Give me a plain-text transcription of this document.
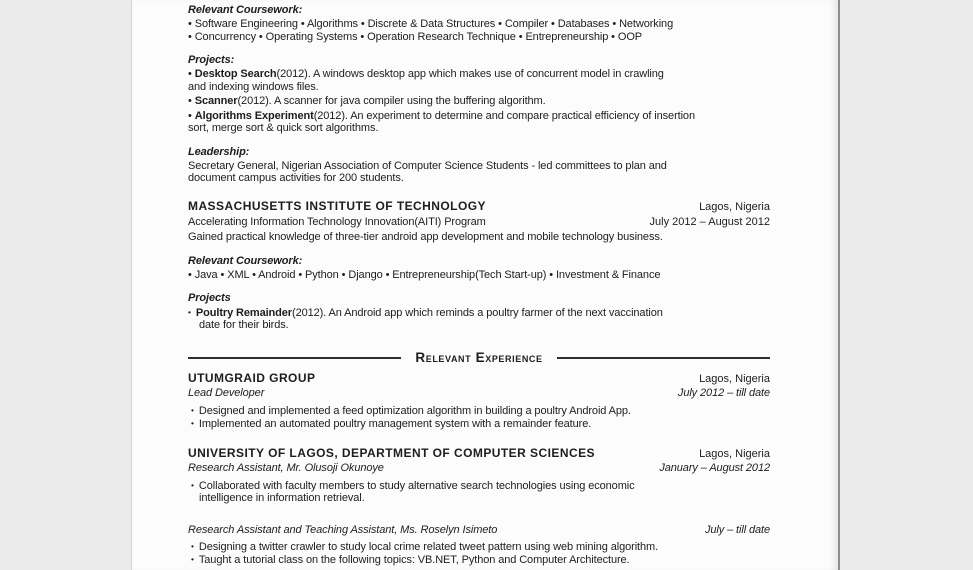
Relevant Coursework:
• Software Engineering • Algorithms • Discrete & Data Structures • Compiler • Databases • Networking
• Concurrency • Operating Systems • Operation Research Technique • Entrepreneurship • OOP
Projects:
• Desktop Search(2012). A windows desktop app which makes use of concurrent model in crawling
and indexing windows files.
• Scanner(2012). A scanner for java compiler using the buffering algorithm.
• Algorithms Experiment(2012). An experiment to determine and compare practical efficiency of insertion
sort, merge sort & quick sort algorithms.
Leadership:
Secretary General, Nigerian Association of Computer Science Students - led committees to plan and
document campus activities for 200 students.
MASSACHUSETTS INSTITUTE OF TECHNOLOGY	Lagos, Nigeria
Accelerating Information Technology Innovation(AITI) Program	July 2012 – August 2012
Gained practical knowledge of three-tier android app development and mobile technology business.
Relevant Coursework:
• Java • XML • Android • Python • Django • Entrepreneurship(Tech Start-up) • Investment & Finance
Projects
• Poultry Remainder(2012). An Android app which reminds a poultry farmer of the next vaccination
date for their birds.
Relevant Experience
UTUMGRAID GROUP	Lagos, Nigeria
Lead Developer	July 2012 – till date
• Designed and implemented a feed optimization algorithm in building a poultry Android App.
• Implemented an automated poultry management system with a remainder feature.
UNIVERSITY OF LAGOS, DEPARTMENT OF COMPUTER SCIENCES	Lagos, Nigeria
Research Assistant, Mr. Olusoji Okunoye	January – August 2012
• Collaborated with faculty members to study alternative search technologies using economic
intelligence in information retrieval.
Research Assistant and Teaching Assistant, Ms. Roselyn Isimeto	July – till date
• Designing a twitter crawler to study local crime related tweet pattern using web mining algorithm.
• Taught a tutorial class on the following topics: VB.NET, Python and Computer Architecture.
